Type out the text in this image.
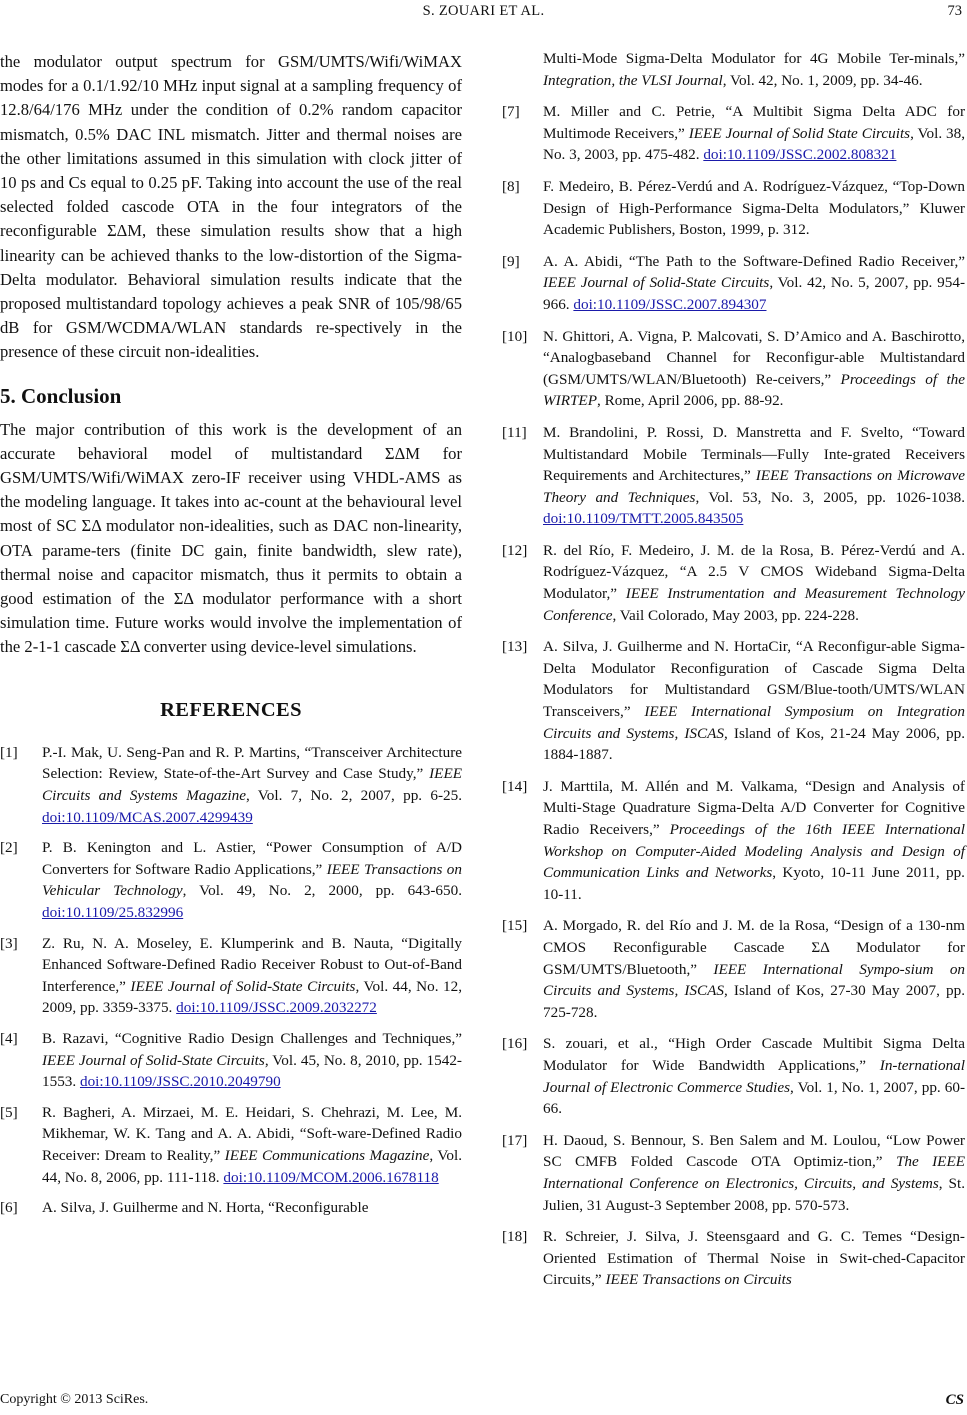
S. ZOUARI ET AL.	73

the modulator output spectrum for GSM/UMTS/Wifi/WiMAX modes for a 0.1/1.92/10 MHz input signal at a sampling frequency of 12.8/64/176 MHz under the condition of 0.2% random capacitor mismatch, 0.5% DAC INL mismatch. Jitter and thermal noises are the other limitations assumed in this simulation with clock jitter of 10 ps and Cs equal to 0.25 pF. Taking into account the use of the real selected folded cascode OTA in the four integrators of the reconfigurable ΣΔM, these simulation results show that a high linearity can be achieved thanks to the low-distortion of the Sigma-Delta modulator. Behavioral simulation results indicate that the proposed multistandard topology achieves a peak SNR of 105/98/65 dB for GSM/WCDMA/WLAN standards re-spectively in the presence of these circuit non-idealities.

5. Conclusion

The major contribution of this work is the development of an accurate behavioral model of multistandard ΣΔM for GSM/UMTS/Wifi/WiMAX zero-IF receiver using VHDL-AMS as the modeling language. It takes into ac-count at the behavioural level most of SC ΣΔ modulator non-idealities, such as DAC non-linearity, OTA parame-ters (finite DC gain, finite bandwidth, slew rate), thermal noise and capacitor mismatch, thus it permits to obtain a good estimation of the ΣΔ modulator performance with a short simulation time. Future works would involve the implementation of the 2-1-1 cascade ΣΔ converter using device-level simulations.

REFERENCES
[1] P.-I. Mak, U. Seng-Pan and R. P. Martins, “Transceiver Architecture Selection: Review, State-of-the-Art Survey and Case Study,” IEEE Circuits and Systems Magazine, Vol. 7, No. 2, 2007, pp. 6-25. doi:10.1109/MCAS.2007.4299439
[2] P. B. Kenington and L. Astier, “Power Consumption of A/D Converters for Software Radio Applications,” IEEE Transactions on Vehicular Technology, Vol. 49, No. 2, 2000, pp. 643-650. doi:10.1109/25.832996
[3] Z. Ru, N. A. Moseley, E. Klumperink and B. Nauta, “Digitally Enhanced Software-Defined Radio Receiver Robust to Out-of-Band Interference,” IEEE Journal of Solid-State Circuits, Vol. 44, No. 12, 2009, pp. 3359-3375. doi:10.1109/JSSC.2009.2032272
[4] B. Razavi, “Cognitive Radio Design Challenges and Techniques,” IEEE Journal of Solid-State Circuits, Vol. 45, No. 8, 2010, pp. 1542-1553. doi:10.1109/JSSC.2010.2049790
[5] R. Bagheri, A. Mirzaei, M. E. Heidari, S. Chehrazi, M. Lee, M. Mikhemar, W. K. Tang and A. A. Abidi, “Soft-ware-Defined Radio Receiver: Dream to Reality,” IEEE Communications Magazine, Vol. 44, No. 8, 2006, pp. 111-118. doi:10.1109/MCOM.2006.1678118
[6] A. Silva, J. Guilherme and N. Horta, “Reconfigurable
Multi-Mode Sigma-Delta Modulator for 4G Mobile Ter-minals,” Integration, the VLSI Journal, Vol. 42, No. 1, 2009, pp. 34-46.
[7] M. Miller and C. Petrie, “A Multibit Sigma Delta ADC for Multimode Receivers,” IEEE Journal of Solid State Circuits, Vol. 38, No. 3, 2003, pp. 475-482. doi:10.1109/JSSC.2002.808321
[8] F. Medeiro, B. Pérez-Verdú and A. Rodríguez-Vázquez, “Top-Down Design of High-Performance Sigma-Delta Modulators,” Kluwer Academic Publishers, Boston, 1999, p. 312.
[9] A. A. Abidi, “The Path to the Software-Defined Radio Receiver,” IEEE Journal of Solid-State Circuits, Vol. 42, No. 5, 2007, pp. 954-966. doi:10.1109/JSSC.2007.894307
[10] N. Ghittori, A. Vigna, P. Malcovati, S. D’Amico and A. Baschirotto, “Analogbaseband Channel for Reconfigur-able Multistandard (GSM/UMTS/WLAN/Bluetooth) Re-ceivers,” Proceedings of the WIRTEP, Rome, April 2006, pp. 88-92.
[11] M. Brandolini, P. Rossi, D. Manstretta and F. Svelto, “Toward Multistandard Mobile Terminals—Fully Inte-grated Receivers Requirements and Architectures,” IEEE Transactions on Microwave Theory and Techniques, Vol. 53, No. 3, 2005, pp. 1026-1038. doi:10.1109/TMTT.2005.843505
[12] R. del Río, F. Medeiro, J. M. de la Rosa, B. Pérez-Verdú and A. Rodríguez-Vázquez, “A 2.5 V CMOS Wideband Sigma-Delta Modulator,” IEEE Instrumentation and Measurement Technology Conference, Vail Colorado, May 2003, pp. 224-228.
[13] A. Silva, J. Guilherme and N. HortaCir, “A Reconfigur-able Sigma-Delta Modulator Reconfiguration of Cascade Sigma Delta Modulators for Multistandard GSM/Blue-tooth/UMTS/WLAN Transceivers,” IEEE International Symposium on Integration Circuits and Systems, ISCAS, Island of Kos, 21-24 May 2006, pp. 1884-1887.
[14] J. Marttila, M. Allén and M. Valkama, “Design and Analysis of Multi-Stage Quadrature Sigma-Delta A/D Converter for Cognitive Radio Receivers,” Proceedings of the 16th IEEE International Workshop on Computer-Aided Modeling Analysis and Design of Communication Links and Networks, Kyoto, 10-11 June 2011, pp. 10-11.
[15] A. Morgado, R. del Río and J. M. de la Rosa, “Design of a 130-nm CMOS Reconfigurable Cascade ΣΔ Modulator for GSM/UMTS/Bluetooth,” IEEE International Sympo-sium on Circuits and Systems, ISCAS, Island of Kos, 27-30 May 2007, pp. 725-728.
[16] S. zouari, et al., “High Order Cascade Multibit Sigma Delta Modulator for Wide Bandwidth Applications,” In-ternational Journal of Electronic Commerce Studies, Vol. 1, No. 1, 2007, pp. 60-66.
[17] H. Daoud, S. Bennour, S. Ben Salem and M. Loulou, “Low Power SC CMFB Folded Cascode OTA Optimiz-tion,” The IEEE International Conference on Electronics, Circuits, and Systems, St. Julien, 31 August-3 September 2008, pp. 570-573.
[18] R. Schreier, J. Silva, J. Steensgaard and G. C. Temes “Design-Oriented Estimation of Thermal Noise in Swit-ched-Capacitor Circuits,” IEEE Transactions on Circuits
Copyright © 2013 SciRes.	CS
